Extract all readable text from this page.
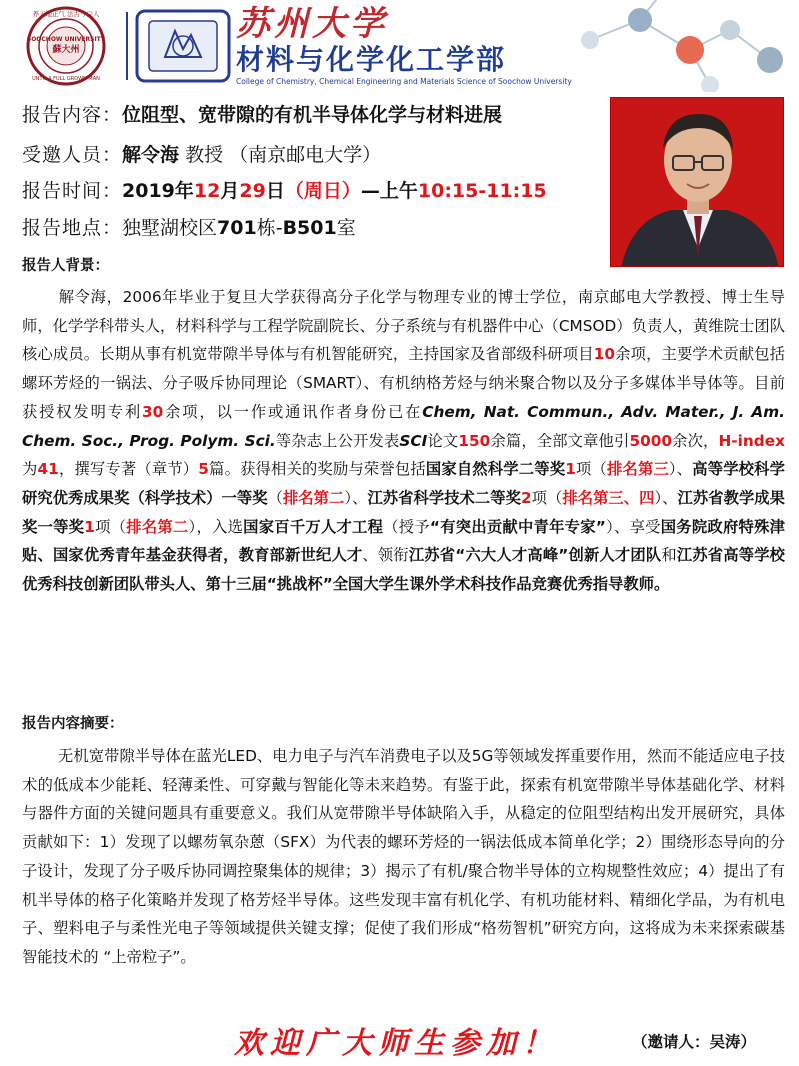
SOOCHOW UNIVERSITY
蘇大州
养天地正气 法古今完人
UNTO A FULL GROWN MAN
苏州大学
材料与化学化工学部
College of Chemistry, Chemical Engineering and Materials Science of Soochow University
报告内容：位阻型、宽带隙的有机半导体化学与材料进展
受邀人员：解令海 教授 （南京邮电大学）
报告时间：2019年12月29日（周日）—上午10:15-11:15
报告地点：独墅湖校区701栋-B501室
报告人背景：
解令海，2006年毕业于复旦大学获得高分子化学与物理专业的博士学位，南京邮电大学教授、博士生导师，化学学科带头人，材料科学与工程学院副院长、分子系统与有机器件中心（CMSOD）负责人，黄维院士团队核心成员。长期从事有机宽带隙半导体与有机智能研究，主持国家及省部级科研项目10余项，主要学术贡献包括螺环芳烃的一锅法、分子吸斥协同理论（SMART）、有机纳格芳烃与纳米聚合物以及分子多媒体半导体等。目前获授权发明专利30余项，以一作或通讯作者身份已在Chem, Nat. Commun., Adv. Mater., J. Am. Chem. Soc., Prog. Polym. Sci.等杂志上公开发表SCI论文150余篇，全部文章他引5000余次，H-index为41，撰写专著（章节）5篇。获得相关的奖励与荣誉包括国家自然科学二等奖1项（排名第三）、高等学校科学研究优秀成果奖（科学技术）一等奖（排名第二）、江苏省科学技术二等奖2项（排名第三、四）、江苏省教学成果奖一等奖1项（排名第二），入选国家百千万人才工程（授予“有突出贡献中青年专家”）、享受国务院政府特殊津贴、国家优秀青年基金获得者，教育部新世纪人才、领衔江苏省“六大人才高峰”创新人才团队和江苏省高等学校优秀科技创新团队带头人、第十三届“挑战杯”全国大学生课外学术科技作品竞赛优秀指导教师。
报告内容摘要：
无机宽带隙半导体在蓝光LED、电力电子与汽车消费电子以及5G等领域发挥重要作用，然而不能适应电子技术的低成本少能耗、轻薄柔性、可穿戴与智能化等未来趋势。有鉴于此，探索有机宽带隙半导体基础化学、材料与器件方面的关键问题具有重要意义。我们从宽带隙半导体缺陷入手，从稳定的位阻型结构出发开展研究，具体贡献如下：1）发现了以螺芴氧杂蒽（SFX）为代表的螺环芳烃的一锅法低成本简单化学；2）围绕形态导向的分子设计，发现了分子吸斥协同调控聚集体的规律；3）揭示了有机/聚合物半导体的立构规整性效应；4）提出了有机半导体的格子化策略并发现了格芳烃半导体。这些发现丰富有机化学、有机功能材料、精细化学品，为有机电子、塑料电子与柔性光电子等领域提供关键支撑；促使了我们形成“格芴智机”研究方向，这将成为未来探索碳基智能技术的 “上帝粒子”。
欢迎广大师生参加！	（邀请人：吴涛）
